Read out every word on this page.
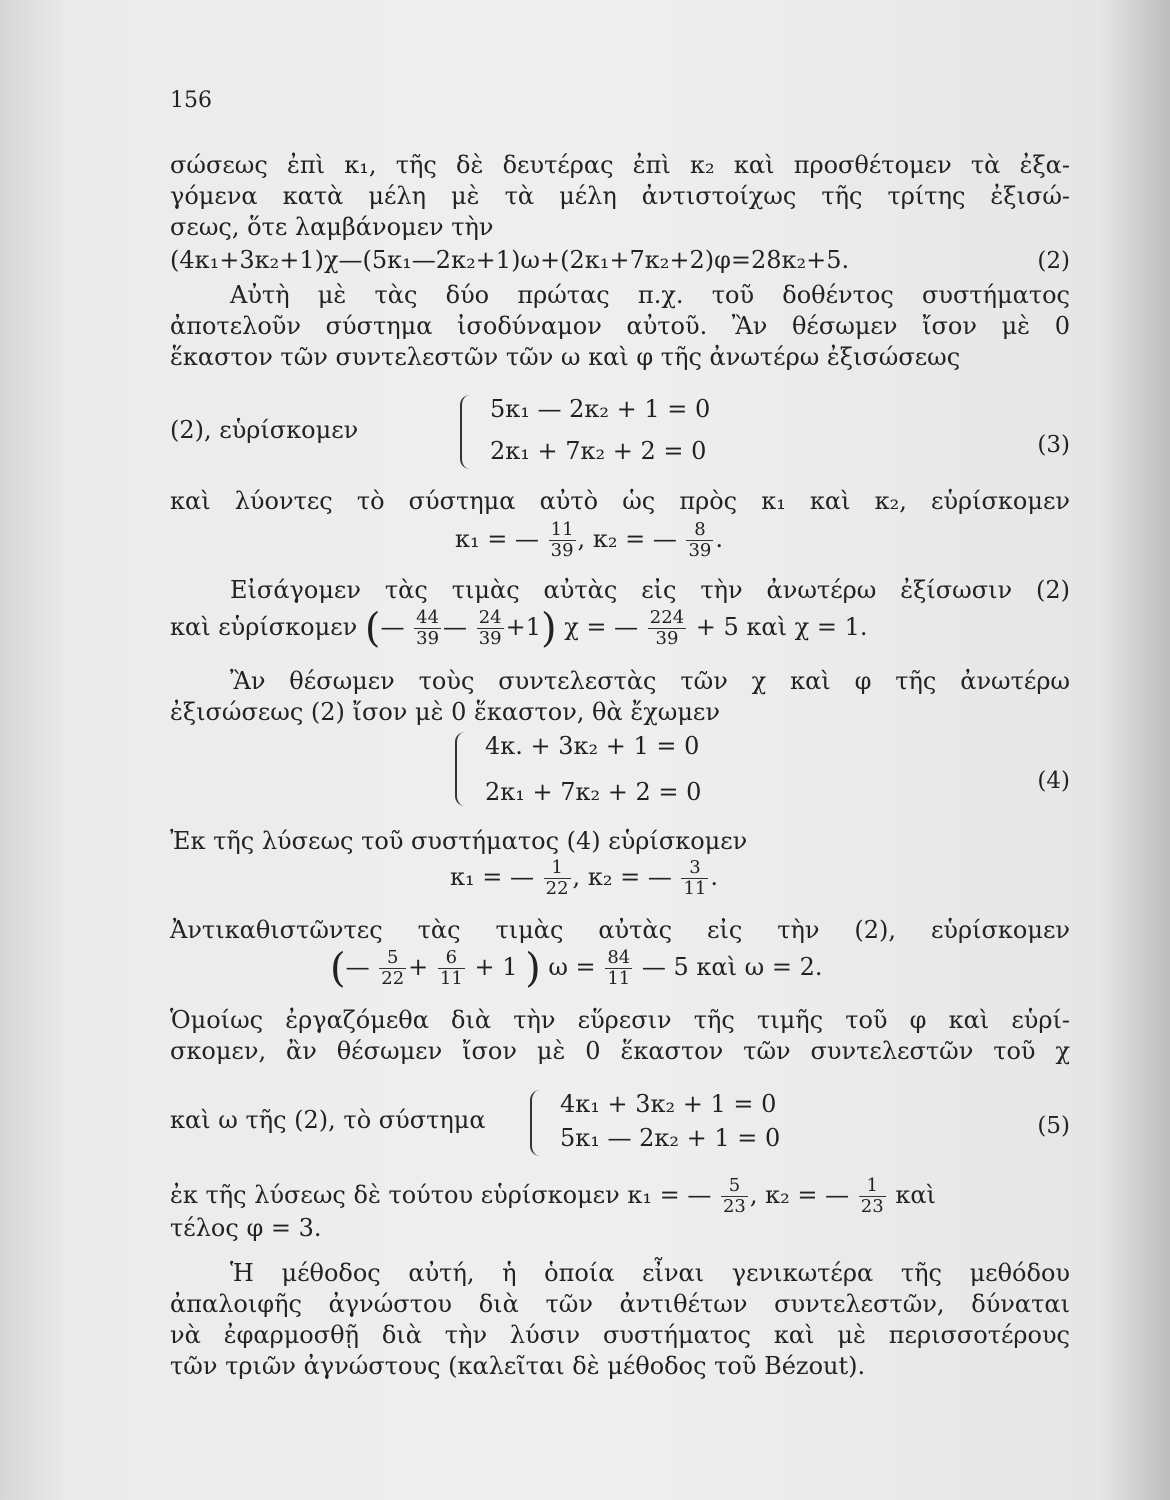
156
σώσεως ἐπὶ κ₁, τῆς δὲ δευτέρας ἐπὶ κ₂ καὶ προσθέτομεν τὰ ἐξα-
γόμενα κατὰ μέλη μὲ τὰ μέλη ἀντιστοίχως τῆς τρίτης ἐξισώ-
σεως, ὅτε λαμβάνομεν τὴν
(4κ₁+3κ₂+1)χ—(5κ₁—2κ₂+1)ω+(2κ₁+7κ₂+2)φ=28κ₂+5.	(2)
Αὐτὴ μὲ τὰς δύο πρώτας π.χ. τοῦ δοθέντος συστήματος
ἀποτελοῦν σύστημα ἰσοδύναμον αὐτοῦ. Ἂν θέσωμεν ἴσον μὲ 0
ἕκαστον τῶν συντελεστῶν τῶν ω καὶ φ τῆς ἀνωτέρω ἐξισώσεως
(2), εὑρίσκομεν
5κ₁ — 2κ₂ + 1 = 0
2κ₁ + 7κ₂ + 2 = 0	(3)
καὶ λύοντες τὸ σύστημα αὐτὸ ὡς πρὸς κ₁ καὶ κ₂, εὑρίσκομεν
κ₁ = — $\frac{11}{39}$ , κ₂ = — $\frac{8}{39}$ .
Εἰσάγομεν τὰς τιμὰς αὐτὰς εἰς τὴν ἀνωτέρω ἐξίσωσιν (2)
καὶ εὑρίσκομεν (— $\frac{44}{39}$ — $\frac{24}{39} +1$) χ = — $\frac{224}{39} + 5$ καὶ χ = 1.
Ἂν θέσωμεν τοὺς συντελεστὰς τῶν χ καὶ φ τῆς ἀνωτέρω
ἐξισώσεως (2) ἴσον μὲ 0 ἕκαστον, θὰ ἔχωμεν
4κ. + 3κ₂ + 1 = 0
2κ₁ + 7κ₂ + 2 = 0	(4)
Ἐκ τῆς λύσεως τοῦ συστήματος (4) εὑρίσκομεν
κ₁ = — $\frac{1}{22}$ , κ₂ = — $\frac{3}{11}$ .
Ἀντικαθιστῶντες τὰς τιμὰς αὐτὰς εἰς τὴν (2), εὑρίσκομεν
(— $\frac{5}{22} + \frac{6}{11} + 1$ ) $\omega = \frac{84}{11}$ — 5 καὶ ω = 2.
Ὁμοίως ἐργαζόμεθα διὰ τὴν εὕρεσιν τῆς τιμῆς τοῦ φ καὶ εὑρί-
σκομεν, ἂν θέσωμεν ἴσον μὲ 0 ἕκαστον τῶν συντελεστῶν τοῦ χ
καὶ ω τῆς (2), τὸ σύστημα
4κ₁ + 3κ₂ + 1 = 0
5κ₁ — 2κ₂ + 1 = 0	(5)
ἐκ τῆς λύσεως δὲ τούτου εὑρίσκομεν κ₁ = — $\frac{5}{23}$ , κ₂ = — $\frac{1}{23}$ καὶ
τέλος φ = 3.
Ἡ μέθοδος αὐτή, ἡ ὁποία εἶναι γενικωτέρα τῆς μεθόδου
ἀπαλοιφῆς ἀγνώστου διὰ τῶν ἀντιθέτων συντελεστῶν, δύναται
νὰ ἐφαρμοσθῇ διὰ τὴν λύσιν συστήματος καὶ μὲ περισσοτέρους
τῶν τριῶν ἀγνώστους (καλεῖται δὲ μέθοδος τοῦ Bézout).
